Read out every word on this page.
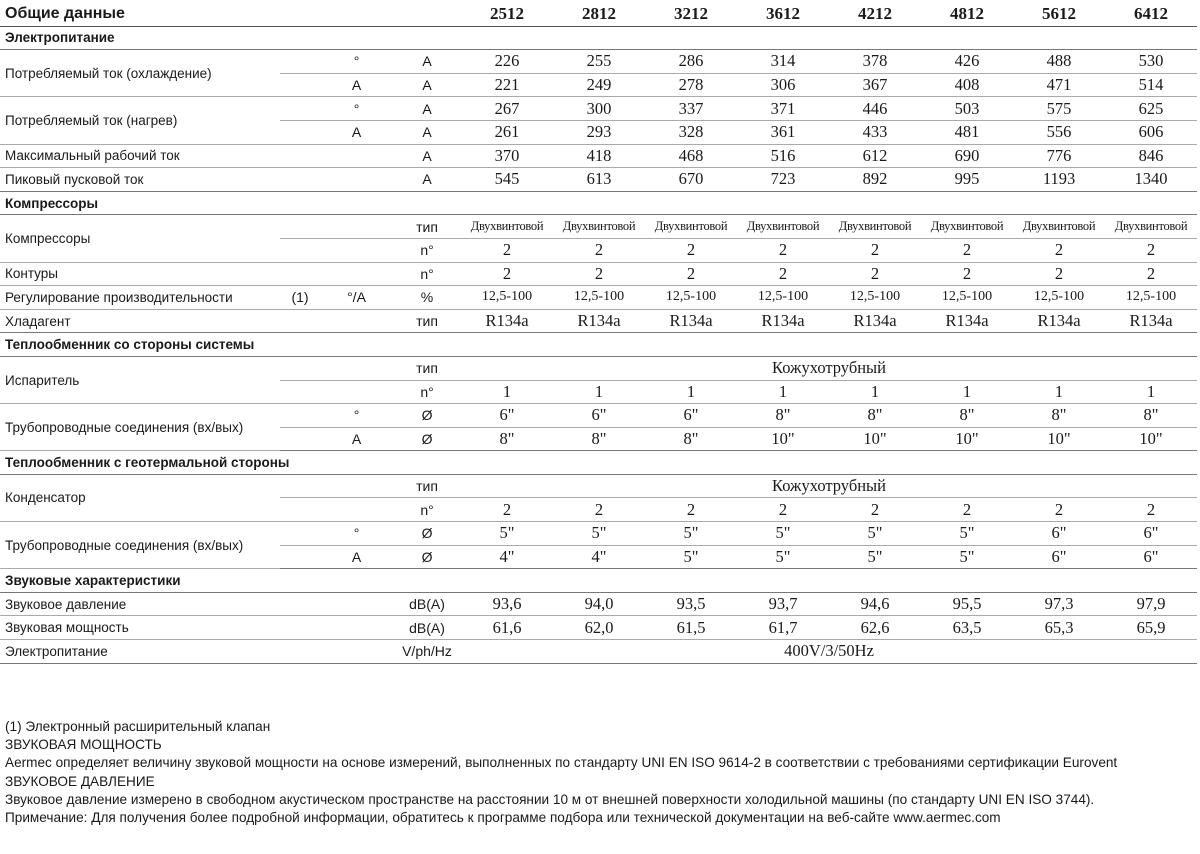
Общие данные				2512	2812	3212	3612	4212	4812	5612	6412
Электропитание											
Потребляемый ток (охлаждение)		°	A	226	255	286	314	378	426	488	530
		A	A	221	249	278	306	367	408	471	514
Потребляемый ток (нагрев)		°	A	267	300	337	371	446	503	575	625
		A	A	261	293	328	361	433	481	556	606
Максимальный рабочий ток			A	370	418	468	516	612	690	776	846
Пиковый пусковой ток			A	545	613	670	723	892	995	1193	1340
Компрессоры											
Компрессоры			тип	Двухвинтовой	Двухвинтовой	Двухвинтовой	Двухвинтовой	Двухвинтовой	Двухвинтовой	Двухвинтовой	Двухвинтовой
			n°	2	2	2	2	2	2	2	2
Контуры			n°	2	2	2	2	2	2	2	2
Регулирование производительности	(1)	°/A	%	12,5-100	12,5-100	12,5-100	12,5-100	12,5-100	12,5-100	12,5-100	12,5-100
Хладагент			тип	R134a	R134a	R134a	R134a	R134a	R134a	R134a	R134a
Теплообменник со стороны системы											
Испаритель			тип	Кожухотрубный							
			n°	1	1	1	1	1	1	1	1
Трубопроводные соединения (вх/вых)		°	Ø	6"	6"	6"	8"	8"	8"	8"	8"
		A	Ø	8"	8"	8"	10"	10"	10"	10"	10"
Теплообменник с геотермальной стороны											
Конденсатор			тип	Кожухотрубный							
			n°	2	2	2	2	2	2	2	2
Трубопроводные соединения (вх/вых)		°	Ø	5"	5"	5"	5"	5"	5"	6"	6"
		A	Ø	4"	4"	5"	5"	5"	5"	6"	6"
Звуковые характеристики											
Звуковое давление			dB(A)	93,6	94,0	93,5	93,7	94,6	95,5	97,3	97,9
Звуковая мощность			dB(A)	61,6	62,0	61,5	61,7	62,6	63,5	65,3	65,9
Электропитание			V/ph/Hz	400V/3/50Hz							
(1) Электронный расширительный клапан
ЗВУКОВАЯ МОЩНОСТЬ
Aermec определяет величину звуковой мощности на основе измерений, выполненных по стандарту UNI EN ISO 9614-2 в соответствии с требованиями сертификации Eurovent
ЗВУКОВОЕ ДАВЛЕНИЕ
Звуковое давление измерено в свободном акустическом пространстве на расстоянии 10 м от внешней поверхности холодильной машины (по стандарту UNI EN ISO 3744).
Примечание: Для получения более подробной информации, обратитесь к программе подбора или технической документации на веб-сайте www.aermec.com
